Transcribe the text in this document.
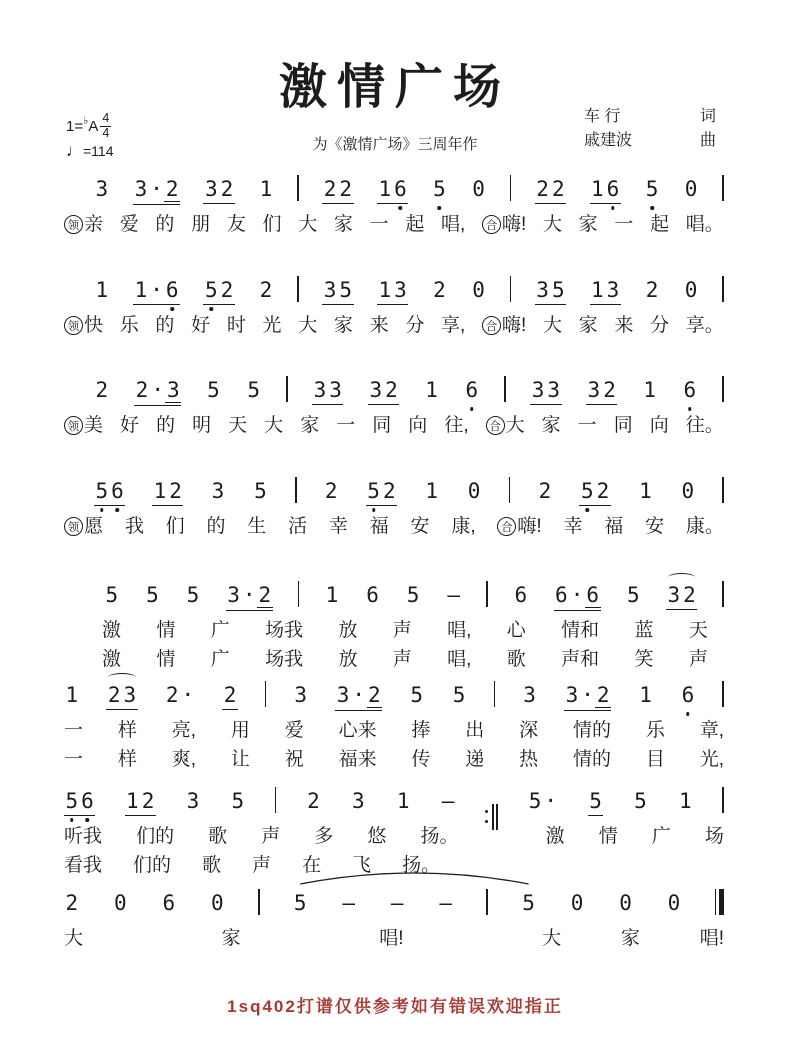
激情广场
车 行	词
戚建波	曲
为《激情广场》三周年作
1= ♭ A $\frac{4}{4}$
♩=114
3 3 · 2 3 2 1 2 2 1 6 5 0 2 2 1 6 5 0
领 亲 爱 的 朋 友 们 大 家 一 起 唱,	合 嗨! 大 家 一 起 唱。
1 1 · 6 5 2 2 3 5 1 3 2 0 3 5 1 3 2 0
领 快 乐 的 好 时 光 大 家 来 分 享,	合 嗨! 大 家 来 分 享。
2 2 · 3 5 5	3 3 3 2 1 6	3 3 3 2 1 6
领 美 好 的 明 天 大 家 一 同 向 往,	合 大 家 一 同 向 往。
5 6 1 2 3 5	2 5 2 1 0	2 5 2 1 0
领 愿 我 们 的 生 活 幸 福 安 康,	合 嗨! 幸 福 安 康。
5 5 5 3 · 2	1 6 5 –	6 6 · 6 5 3 2
激 情 广 场我 放 声 唱, 心 情和 蓝 天
激 情 广 场我 放 声 唱, 歌 声和 笑 声
1 2 3 2 · 2	3 3 · 2 5 5	3 3 · 2 1 6
一 样 亮, 用 爱 心来 捧 出 深 情的 乐 章,
一 样 爽, 让 祝 福来 传 递 热 情的 目 光,
5 6 1 2 3 5	2 3 1 –	5 · 5 5 1
听我 们的 歌 声 多 悠 扬。	激 情 广 场
看我 们的 歌 声 在 飞 扬。
2 0 6 0	5 – – –	5 0 0 0
大	家	唱!	大	家	唱!
1sq402打谱仅供参考如有错误欢迎指正
